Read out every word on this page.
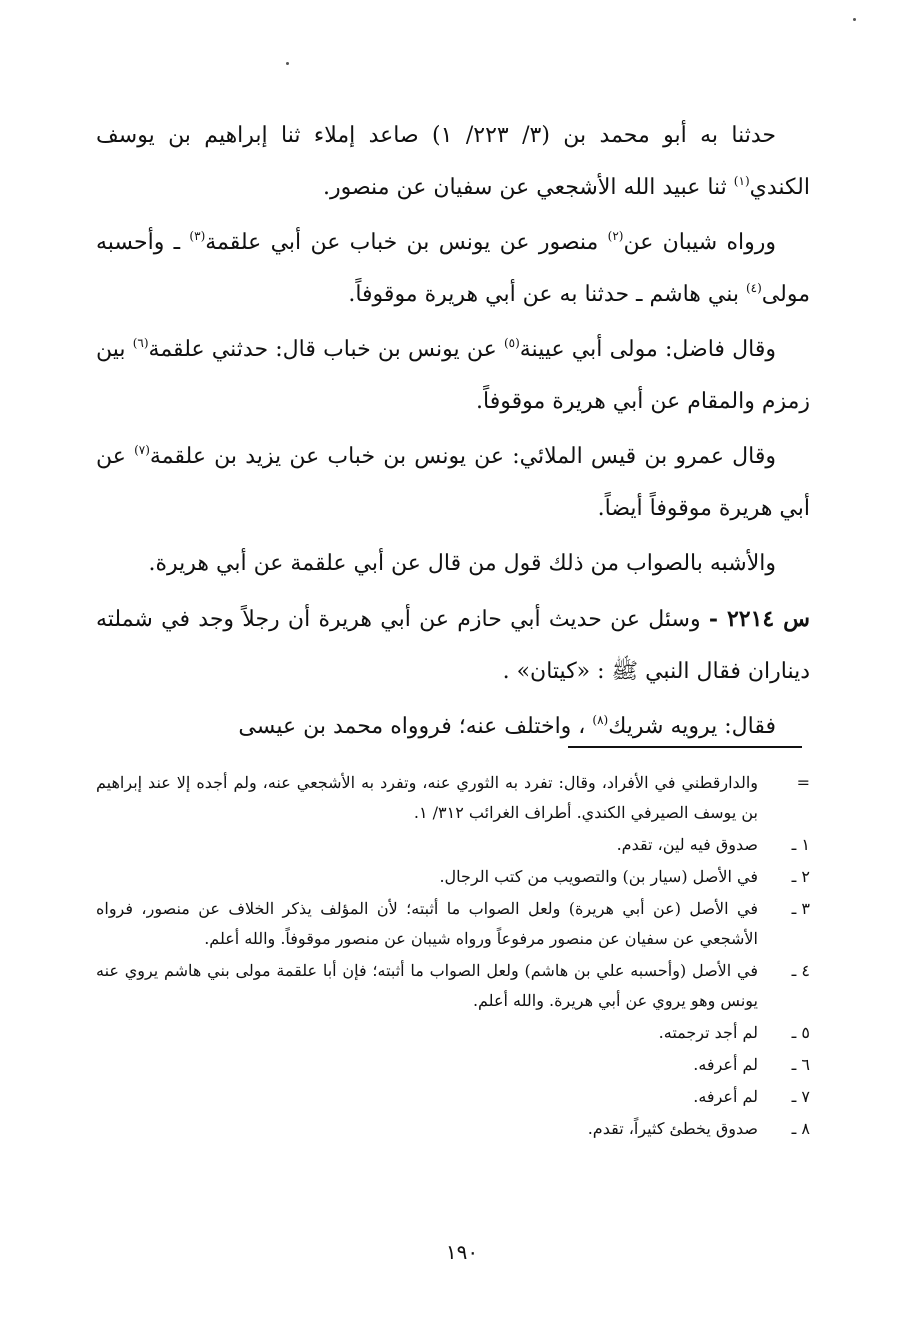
حدثنا به أبو محمد بن (٣/ ٢٢٣/ ١) صاعد إملاء ثنا إبراهيم بن يوسف الكندي$^{(١)}$ ثنا عبيد الله الأشجعي عن سفيان عن منصور.

ورواه شيبان عن$^{(٢)}$ منصور عن يونس بن خباب عن أبي علقمة$^{(٣)}$ ـ وأحسبه مولى$^{(٤)}$ بني هاشم ـ حدثنا به عن أبي هريرة موقوفاً.

وقال فاضل: مولى أبي عيينة$^{(٥)}$ عن يونس بن خباب قال: حدثني علقمة$^{(٦)}$ بين زمزم والمقام عن أبي هريرة موقوفاً.

وقال عمرو بن قيس الملائي: عن يونس بن خباب عن يزيد بن علقمة$^{(٧)}$ عن أبي هريرة موقوفاً أيضاً.

والأشبه بالصواب من ذلك قول من قال عن أبي علقمة عن أبي هريرة.

س ٢٢١٤ - وسئل عن حديث أبي حازم عن أبي هريرة أن رجلاً وجد في شملته ديناران فقال النبي ﷺ : «كيتان» .

فقال: يرويه شريك$^{(٨)}$ ، واختلف عنه؛ فروواه محمد بن عيسى

=
والدارقطني في الأفراد، وقال: تفرد به الثوري عنه، وتفرد به الأشجعي عنه، ولم أجده إلا عند إبراهيم بن يوسف الصيرفي الكندي. أطراف الغرائب ٣١٢/ ١.
١ ـ
صدوق فيه لين، تقدم.
٢ ـ
في الأصل (سيار بن) والتصويب من كتب الرجال.
٣ ـ
في الأصل (عن أبي هريرة) ولعل الصواب ما أثبته؛ لأن المؤلف يذكر الخلاف عن منصور، فرواه الأشجعي عن سفيان عن منصور مرفوعاً ورواه شيبان عن منصور موقوفاً. والله أعلم.
٤ ـ
في الأصل (وأحسبه علي بن هاشم) ولعل الصواب ما أثبته؛ فإن أبا علقمة مولى بني هاشم يروي عنه يونس وهو يروي عن أبي هريرة. والله أعلم.
٥ ـ
لم أجد ترجمته.
٦ ـ
لم أعرفه.
٧ ـ
لم أعرفه.
٨ ـ
صدوق يخطئ كثيراً، تقدم.
١٩٠
